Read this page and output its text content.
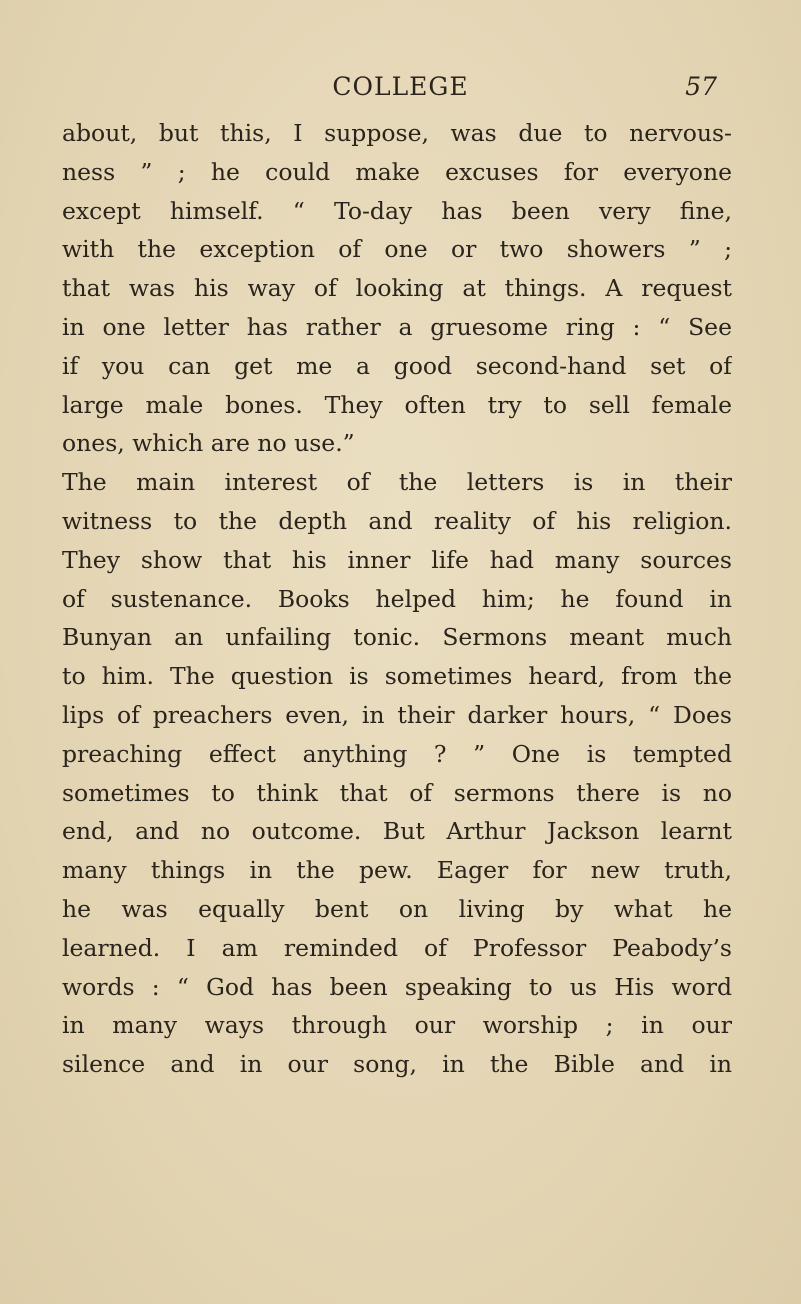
COLLEGE	57
about, but this, I suppose, was due to nervous-
ness ” ; he could make excuses for everyone
except himself. “ To-day has been very fine,
with the exception of one or two showers ” ;
that was his way of looking at things. A request
in one letter has rather a gruesome ring : “ See
if you can get me a good second-hand set of
large male bones. They often try to sell female
ones, which are no use.”
The main interest of the letters is in their
witness to the depth and reality of his religion.
They show that his inner life had many sources
of sustenance. Books helped him; he found in
Bunyan an unfailing tonic. Sermons meant much
to him. The question is sometimes heard, from the
lips of preachers even, in their darker hours, “ Does
preaching effect anything ? ” One is tempted
sometimes to think that of sermons there is no
end, and no outcome. But Arthur Jackson learnt
many things in the pew. Eager for new truth,
he was equally bent on living by what he
learned. I am reminded of Professor Peabody’s
words : “ God has been speaking to us His word
in many ways through our worship ; in our
silence and in our song, in the Bible and in
